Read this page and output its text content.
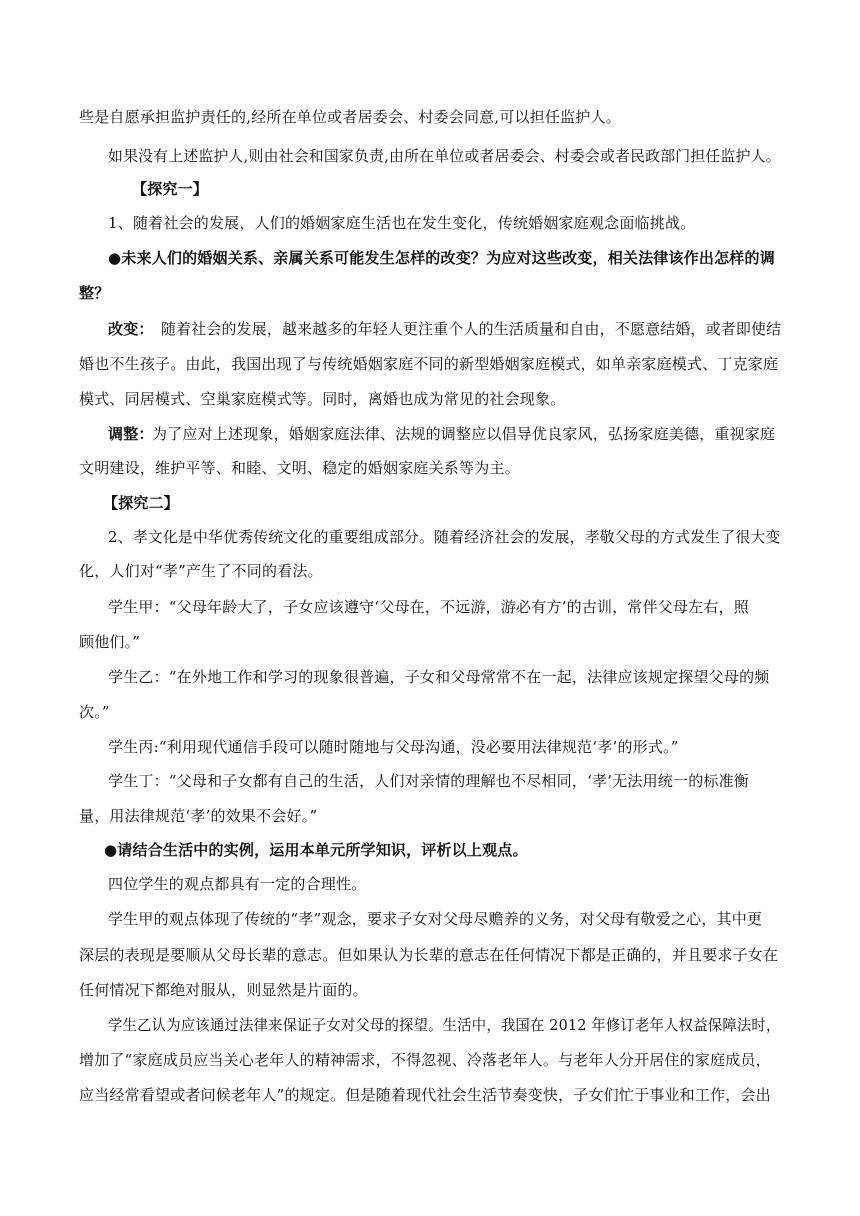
些是自愿承担监护责任的,经所在单位或者居委会、村委会同意,可以担任监护人。
如果没有上述监护人,则由社会和国家负责,由所在单位或者居委会、村委会或者民政部门担任监护人。
【探究一】
1、随着社会的发展，人们的婚姻家庭生活也在发生变化，传统婚姻家庭观念面临挑战。
●未来人们的婚姻关系、亲属关系可能发生怎样的改变？为应对这些改变，相关法律该作出怎样的调
整？
改变： 随着社会的发展，越来越多的年轻人更注重个人的生活质量和自由，不愿意结婚，或者即使结
婚也不生孩子。由此，我国出现了与传统婚姻家庭不同的新型婚姻家庭模式，如单亲家庭模式、丁克家庭
模式、同居模式、空巢家庭模式等。同时，离婚也成为常见的社会现象。
调整：
为了应对上述现象，婚姻家庭法律、法规的调整应以倡导优良家风，弘扬家庭美德，重视家庭
文明建设，维护平等、和睦、文明、稳定的婚姻家庭关系等为主。
【探究二】
2、孝文化是中华优秀传统文化的重要组成部分。随着经济社会的发展，孝敬父母的方式发生了很大变
化，人们对“孝”产生了不同的看法。
学生甲：“父母年龄大了，子女应该遵守‘父母在，不远游，游必有方’的古训，常伴父母左右，照
顾他们。”
学生乙：“在外地工作和学习的现象很普遍，子女和父母常常不在一起，法律应该规定探望父母的频
次。”
学生丙:“利用现代通信手段可以随时随地与父母沟通，没必要用法律规范‘孝’的形式。”
学生丁：“父母和子女都有自己的生活，人们对亲情的理解也不尽相同，‘孝’无法用统一的标准衡
量，用法律规范‘孝’的效果不会好。”
●请结合生活中的实例，运用本单元所学知识，评析以上观点。
四位学生的观点都具有一定的合理性。
学生甲的观点体现了传统的“孝”观念，要求子女对父母尽赡养的义务，对父母有敬爱之心，其中更
深层的表现是要顺从父母长辈的意志。但如果认为长辈的意志在任何情况下都是正确的，并且要求子女在
任何情况下都绝对服从，则显然是片面的。
学生乙认为应该通过法律来保证子女对父母的探望。生活中，我国在 2012 年修订老年人权益保障法时，
增加了“家庭成员应当关心老年人的精神需求，不得忽视、冷落老年人。与老年人分开居住的家庭成员，
应当经常看望或者问候老年人”的规定。但是随着现代社会生活节奏变快，子女们忙于事业和工作，会出
